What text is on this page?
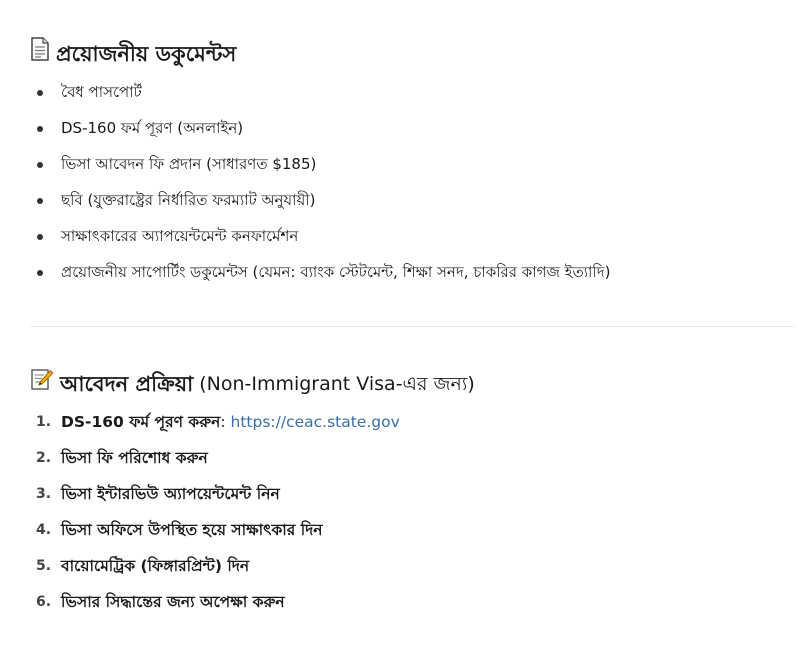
প্রয়োজনীয় ডকুমেন্টস
বৈধ পাসপোর্ট
DS-160 ফর্ম পূরণ (অনলাইন)
ভিসা আবেদন ফি প্রদান (সাধারণত $185)
ছবি (যুক্তরাষ্ট্রের নির্ধারিত ফরম্যাট অনুযায়ী)
সাক্ষাৎকারের অ্যাপয়েন্টমেন্ট কনফার্মেশন
প্রয়োজনীয় সাপোর্টিং ডকুমেন্টস (যেমন: ব্যাংক স্টেটমেন্ট, শিক্ষা সনদ, চাকরির কাগজ ইত্যাদি)
আবেদন প্রক্রিয়া (Non-Immigrant Visa-এর জন্য)
1. DS-160 ফর্ম পূরণ করুন: https://ceac.state.gov
2. ভিসা ফি পরিশোধ করুন
3. ভিসা ইন্টারভিউ অ্যাপয়েন্টমেন্ট নিন
4. ভিসা অফিসে উপস্থিত হয়ে সাক্ষাৎকার দিন
5. বায়োমেট্রিক (ফিঙ্গারপ্রিন্ট) দিন
6. ভিসার সিদ্ধান্তের জন্য অপেক্ষা করুন
